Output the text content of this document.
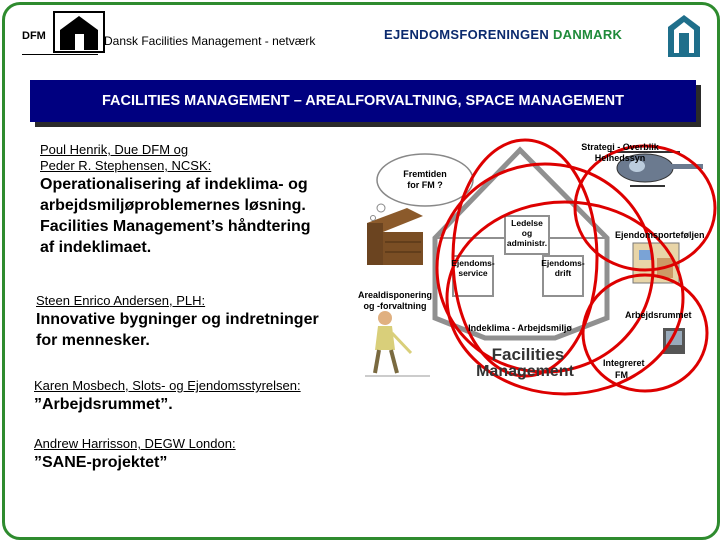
DFM	Dansk Facilities Management - netværk	EJENDOMSFORENINGEN DANMARK
FACILITIES MANAGEMENT – AREALFORVALTNING, SPACE MANAGEMENT
Poul Henrik, Due DFM og
Peder R. Stephensen, NCSK:
Operationalisering af indeklima- og
arbejdsmiljøproblemernes løsning.
Facilities Management’s håndtering
af indeklimaet.
Steen Enrico Andersen, PLH:
Innovative bygninger og indretninger
for mennesker.
Karen Mosbech, Slots- og Ejendomsstyrelsen:
”Arbejdsrummet”.
Andrew Harrisson, DEGW London:
”SANE-projektet”
Fremtiden
for FM ?
Strategi - Overblik
Helhedssyn
Ledelse
og
administr.
Ejendomsporteføljen
Ejendoms-
service
Ejendoms-
drift
Arealdisponering
og -forvaltning
Indeklima - Arbejdsmiljø
Arbejdsrummet
Facilities
Management	Integreret
FM
